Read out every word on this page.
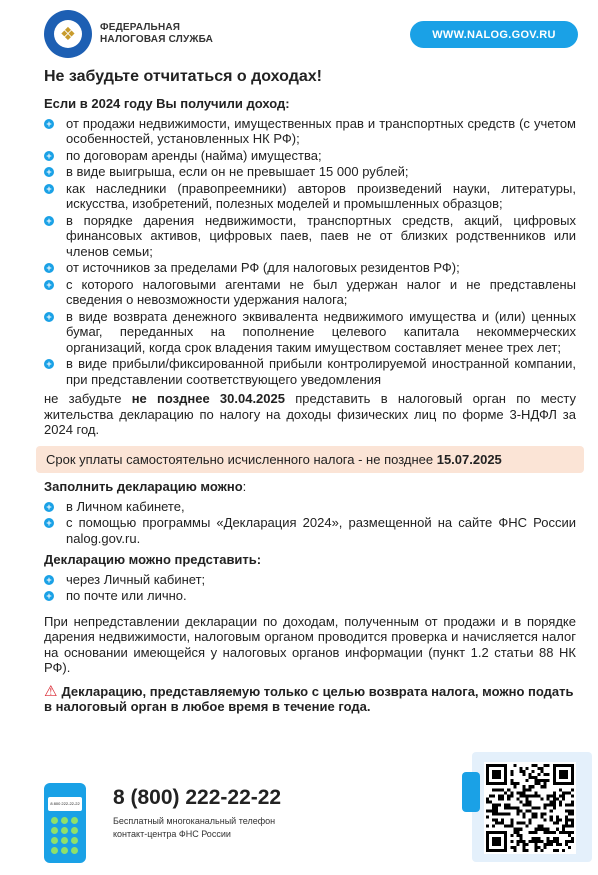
❖	ФЕДЕРАЛЬНАЯ
НАЛОГОВАЯ СЛУЖБА	WWW.NALOG.GOV.RU
Не забудьте отчитаться о доходах!
Если в 2024 году Вы получили доход:
+ от продажи недвижимости, имущественных прав и транспортных средств (с учетом особенностей, установленных НК РФ);
+ по договорам аренды (найма) имущества;
+ в виде выигрыша, если он не превышает 15 000 рублей;
+ как наследники (правопреемники) авторов произведений науки, литературы, искусства, изобретений, полезных моделей и промышленных образцов;
+ в порядке дарения недвижимости, транспортных средств, акций, цифровых финансовых активов, цифровых паев, паев не от близких родственников или членов семьи;
+ от источников за пределами РФ (для налоговых резидентов РФ);
+ с которого налоговыми агентами не был удержан налог и не представлены сведения о невозможности удержания налога;
+ в виде возврата денежного эквивалента недвижимого имущества и (или) ценных бумаг, переданных на пополнение целевого капитала некоммерческих организаций, когда срок владения таким имуществом составляет менее трех лет;
+ в виде прибыли/фиксированной прибыли контролируемой иностранной компании, при представлении соответствующего уведомления
не забудьте не позднее 30.04.2025 представить в налоговый орган по месту жительства декларацию по налогу на доходы физических лиц по форме 3-НДФЛ за 2024 год.
Срок уплаты самостоятельно исчисленного налога - не позднее 15.07.2025
Заполнить декларацию можно:
+ в Личном кабинете,
+ с помощью программы «Декларация 2024», размещенной на сайте ФНС России nalog.gov.ru.
Декларацию можно представить:
+ через Личный кабинет;
+ по почте или лично.
При непредставлении декларации по доходам, полученным от продажи и в порядке дарения недвижимости, налоговым органом проводится проверка и начисляется налог на основании имеющейся у налоговых органов информации (пункт 1.2 статьи 88 НК РФ).
⚠ Декларацию, представляемую только с целью возврата налога, можно подать в налоговый орган в любое время в течение года.
8 800 222-22-22 8 (800) 222-22-22
Бесплатный многоканальный телефон
контакт-центра ФНС России
